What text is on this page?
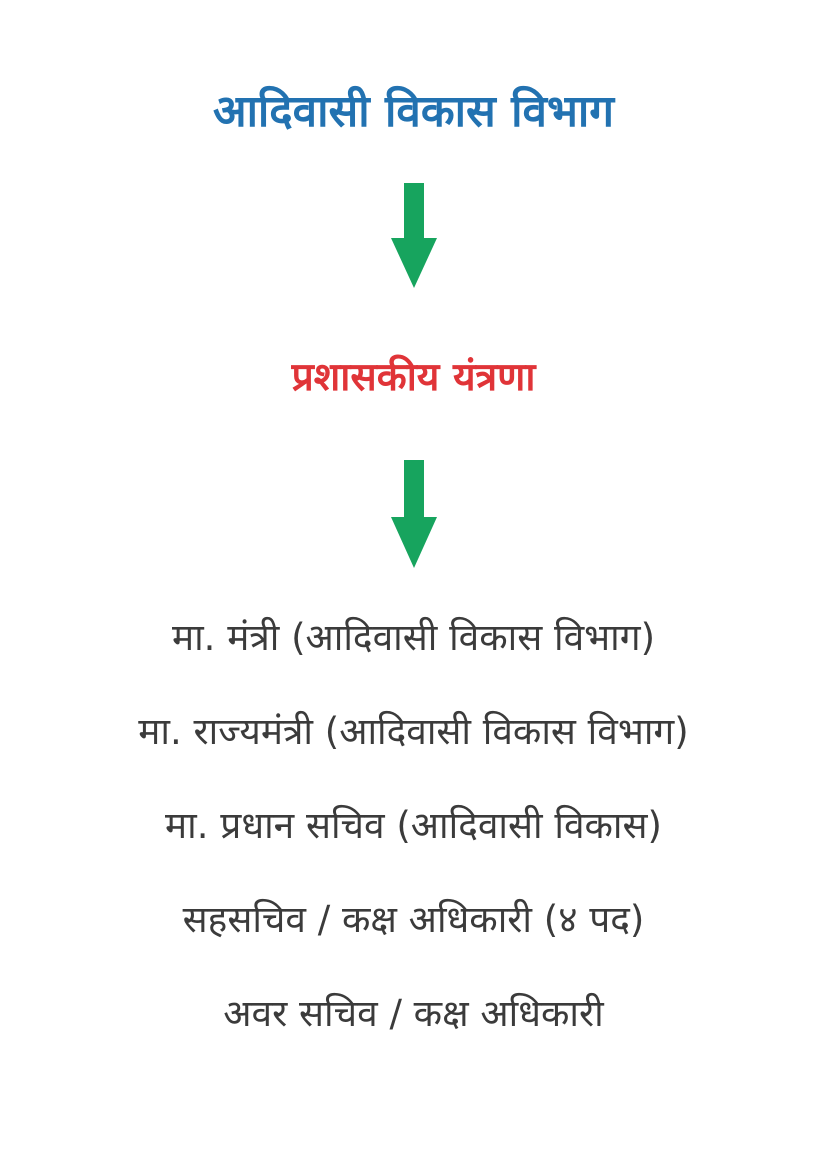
आदिवासी विकास विभाग
प्रशासकीय यंत्रणा
मा. मंत्री (आदिवासी विकास विभाग)
मा. राज्यमंत्री (आदिवासी विकास विभाग)
मा. प्रधान सचिव (आदिवासी विकास)
सहसचिव / कक्ष अधिकारी (४ पद)
अवर सचिव / कक्ष अधिकारी
